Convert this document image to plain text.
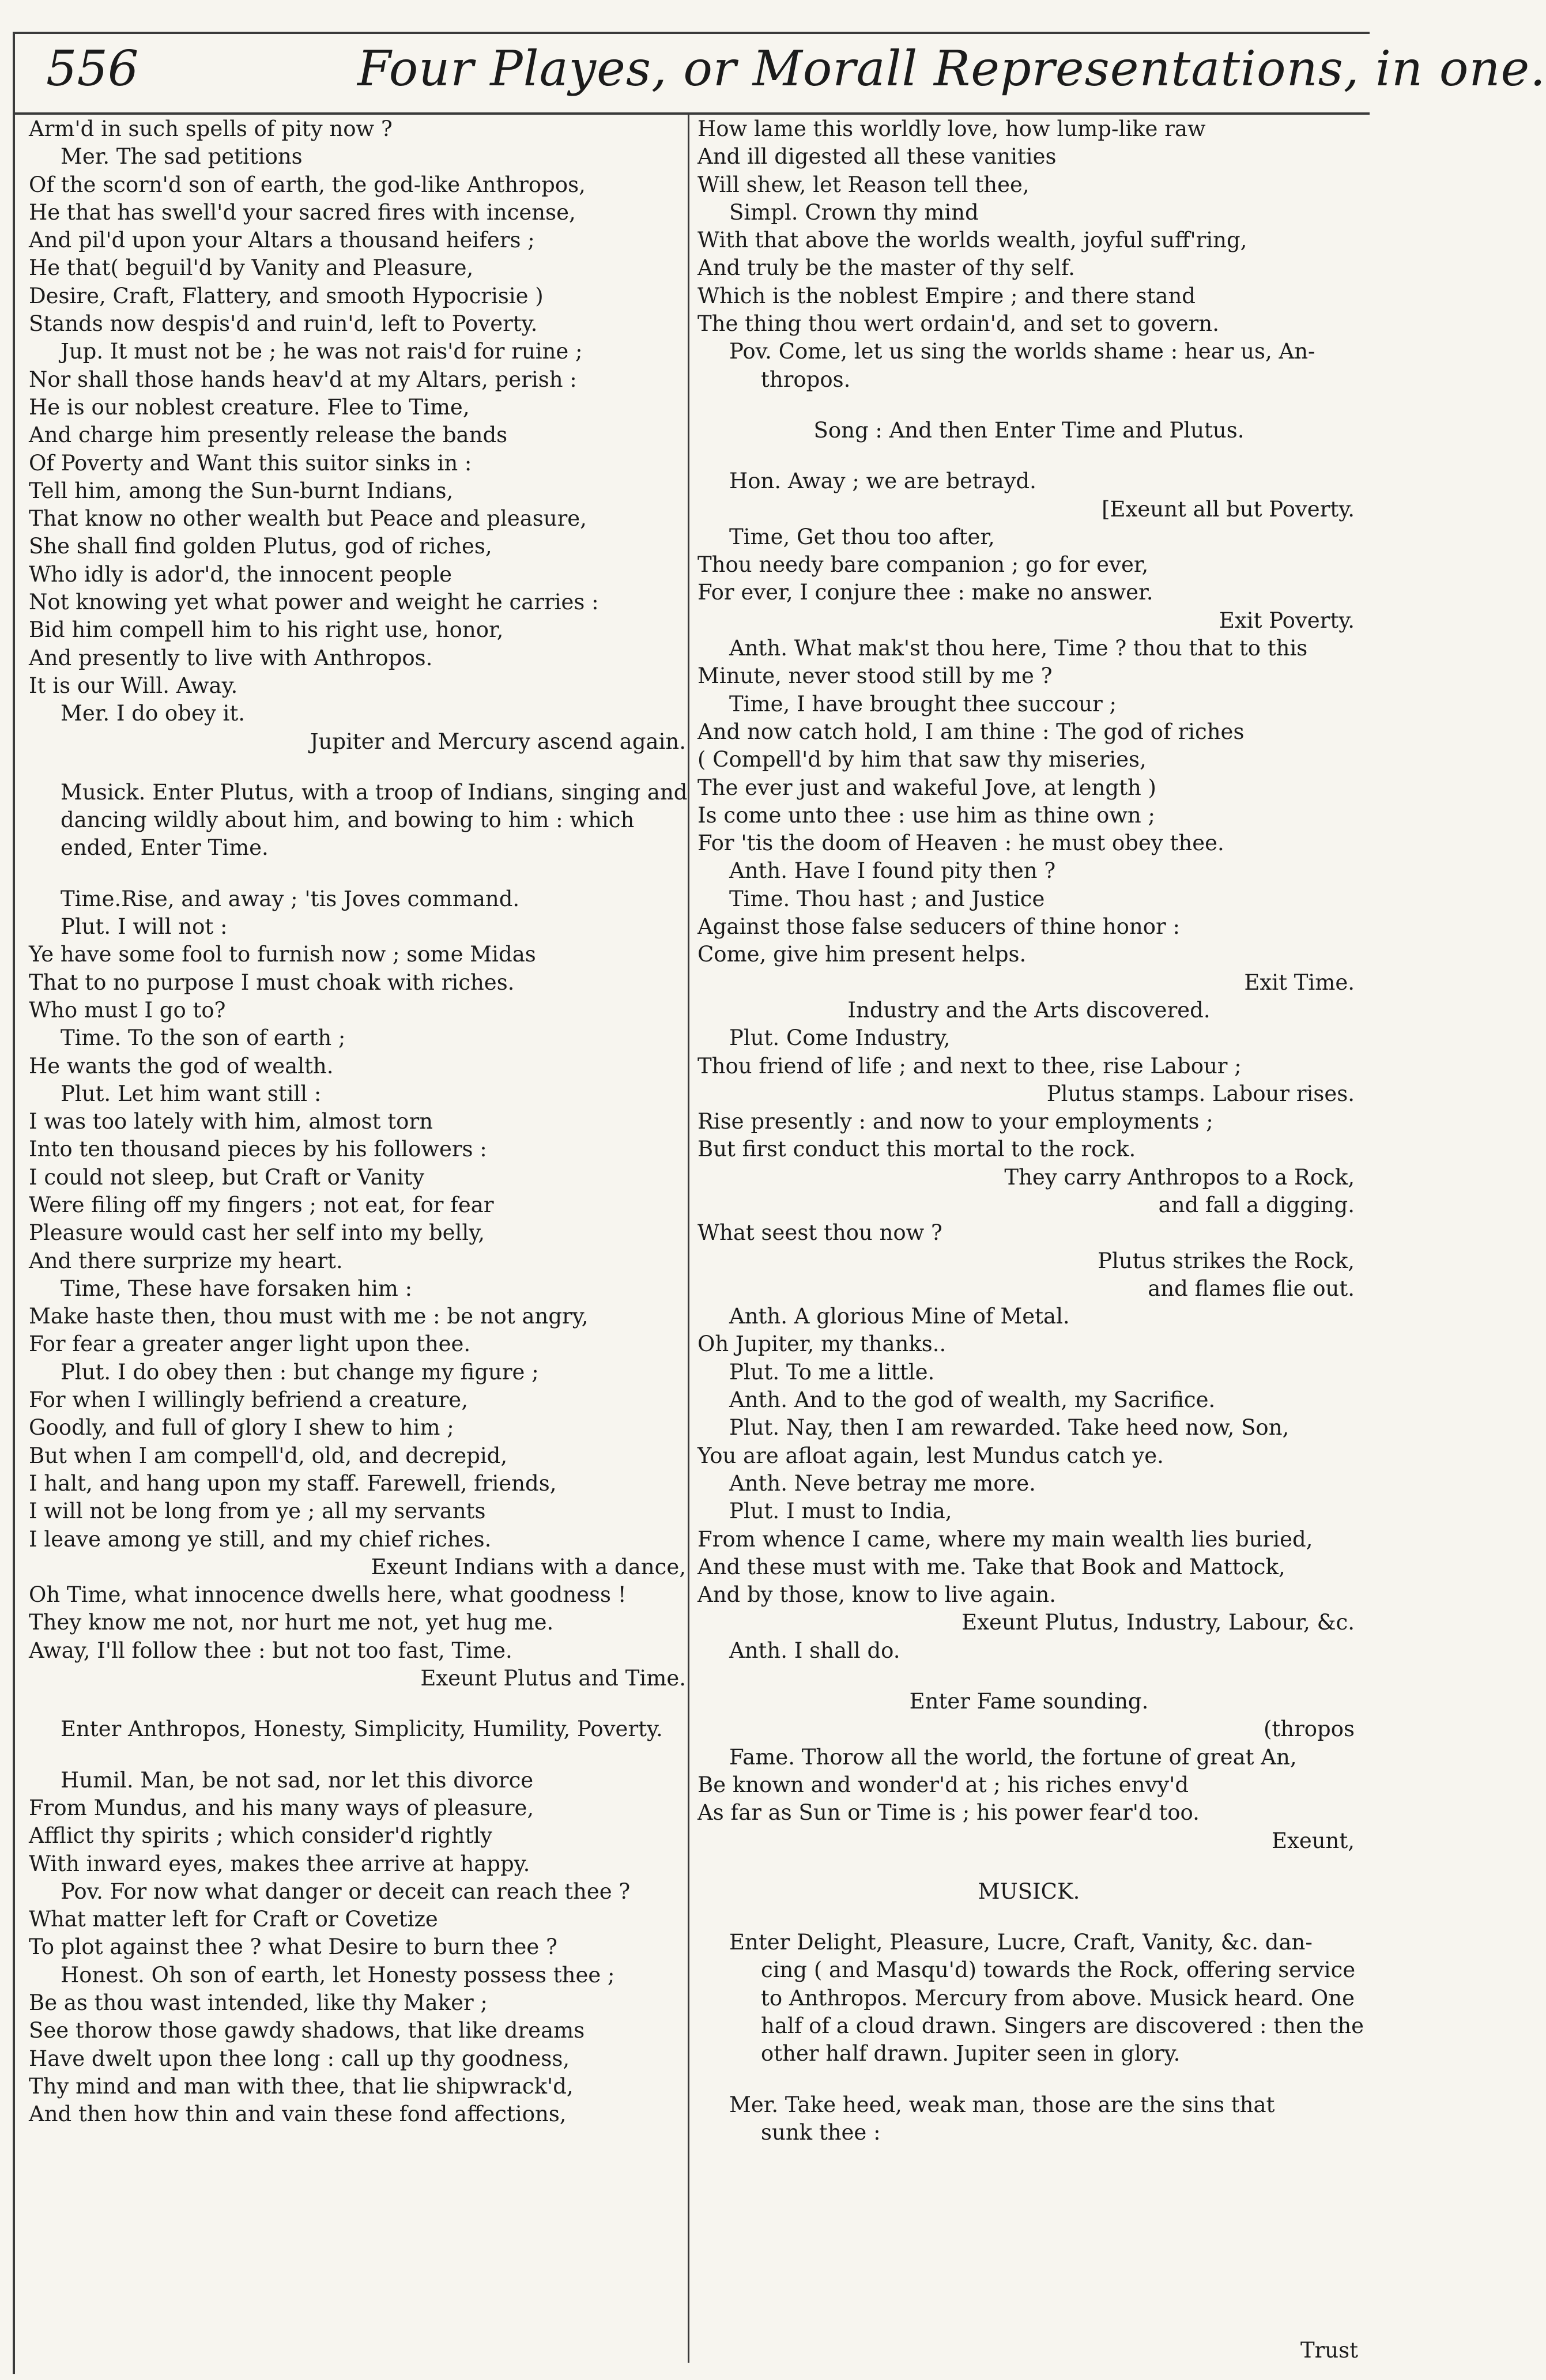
556	Four Playes, or Morall Representations, in one.
Arm'd in such spells of pity now ?
Mer. The sad petitions
Of the scorn'd son of earth, the god-like Anthropos,
He that has swell'd your sacred fires with incense,
And pil'd upon your Altars a thousand heifers ;
He that( beguil'd by Vanity and Pleasure,
Desire, Craft, Flattery, and smooth Hypocrisie )
Stands now despis'd and ruin'd, left to Poverty.
Jup. It must not be ; he was not rais'd for ruine ;
Nor shall those hands heav'd at my Altars, perish :
He is our noblest creature. Flee to Time,
And charge him presently release the bands
Of Poverty and Want this suitor sinks in :
Tell him, among the Sun-burnt Indians,
That know no other wealth but Peace and pleasure,
She shall find golden Plutus, god of riches,
Who idly is ador'd, the innocent people
Not knowing yet what power and weight he carries :
Bid him compell him to his right use, honor,
And presently to live with Anthropos.
It is our Will. Away.
Mer. I do obey it.
Jupiter and Mercury ascend again.
Musick. Enter Plutus, with a troop of Indians, singing and
dancing wildly about him, and bowing to him : which
ended, Enter Time.
Time.Rise, and away ; 'tis Joves command.
Plut. I will not :
Ye have some fool to furnish now ; some Midas
That to no purpose I must choak with riches.
Who must I go to?
Time. To the son of earth ;
He wants the god of wealth.
Plut. Let him want still :
I was too lately with him, almost torn
Into ten thousand pieces by his followers :
I could not sleep, but Craft or Vanity
Were filing off my fingers ; not eat, for fear
Pleasure would cast her self into my belly,
And there surprize my heart.
Time, These have forsaken him :
Make haste then, thou must with me : be not angry,
For fear a greater anger light upon thee.
Plut. I do obey then : but change my figure ;
For when I willingly befriend a creature,
Goodly, and full of glory I shew to him ;
But when I am compell'd, old, and decrepid,
I halt, and hang upon my staff. Farewell, friends,
I will not be long from ye ; all my servants
I leave among ye still, and my chief riches.
Exeunt Indians with a dance,
Oh Time, what innocence dwells here, what goodness !
They know me not, nor hurt me not, yet hug me.
Away, I'll follow thee : but not too fast, Time.
Exeunt Plutus and Time.
Enter Anthropos, Honesty, Simplicity, Humility, Poverty.
Humil. Man, be not sad, nor let this divorce
From Mundus, and his many ways of pleasure,
Afflict thy spirits ; which consider'd rightly
With inward eyes, makes thee arrive at happy.
Pov. For now what danger or deceit can reach thee ?
What matter left for Craft or Covetize
To plot against thee ? what Desire to burn thee ?
Honest. Oh son of earth, let Honesty possess thee ;
Be as thou wast intended, like thy Maker ;
See thorow those gawdy shadows, that like dreams
Have dwelt upon thee long : call up thy goodness,
Thy mind and man with thee, that lie shipwrack'd,
And then how thin and vain these fond affections,
How lame this worldly love, how lump-like raw
And ill digested all these vanities
Will shew, let Reason tell thee,
Simpl. Crown thy mind
With that above the worlds wealth, joyful suff'ring,
And truly be the master of thy self.
Which is the noblest Empire ; and there stand
The thing thou wert ordain'd, and set to govern.
Pov. Come, let us sing the worlds shame : hear us, An-
thropos.
Song : And then Enter Time and Plutus.
Hon. Away ; we are betrayd.
[Exeunt all but Poverty.
Time, Get thou too after,
Thou needy bare companion ; go for ever,
For ever, I conjure thee : make no answer.
Exit Poverty.
Anth. What mak'st thou here, Time ? thou that to this
Minute, never stood still by me ?
Time, I have brought thee succour ;
And now catch hold, I am thine : The god of riches
( Compell'd by him that saw thy miseries,
The ever just and wakeful Jove, at length )
Is come unto thee : use him as thine own ;
For 'tis the doom of Heaven : he must obey thee.
Anth. Have I found pity then ?
Time. Thou hast ; and Justice
Against those false seducers of thine honor :
Come, give him present helps.
Exit Time.
Industry and the Arts discovered.
Plut. Come Industry,
Thou friend of life ; and next to thee, rise Labour ;
Plutus stamps. Labour rises.
Rise presently : and now to your employments ;
But first conduct this mortal to the rock.
They carry Anthropos to a Rock,
and fall a digging.
What seest thou now ?
Plutus strikes the Rock,
and flames flie out.
Anth. A glorious Mine of Metal.
Oh Jupiter, my thanks..
Plut. To me a little.
Anth. And to the god of wealth, my Sacrifice.
Plut. Nay, then I am rewarded. Take heed now, Son,
You are afloat again, lest Mundus catch ye.
Anth. Neve betray me more.
Plut. I must to India,
From whence I came, where my main wealth lies buried,
And these must with me. Take that Book and Mattock,
And by those, know to live again.
Exeunt Plutus, Industry, Labour, &c.
Anth. I shall do.
Enter Fame sounding.
(thropos
Fame. Thorow all the world, the fortune of great An,
Be known and wonder'd at ; his riches envy'd
As far as Sun or Time is ; his power fear'd too.
Exeunt,
MUSICK.
Enter Delight, Pleasure, Lucre, Craft, Vanity, &c. dan-
cing ( and Masqu'd) towards the Rock, offering service
to Anthropos. Mercury from above. Musick heard. One
half of a cloud drawn. Singers are discovered : then the
other half drawn. Jupiter seen in glory.
Mer. Take heed, weak man, those are the sins that
sunk thee :
Trust
